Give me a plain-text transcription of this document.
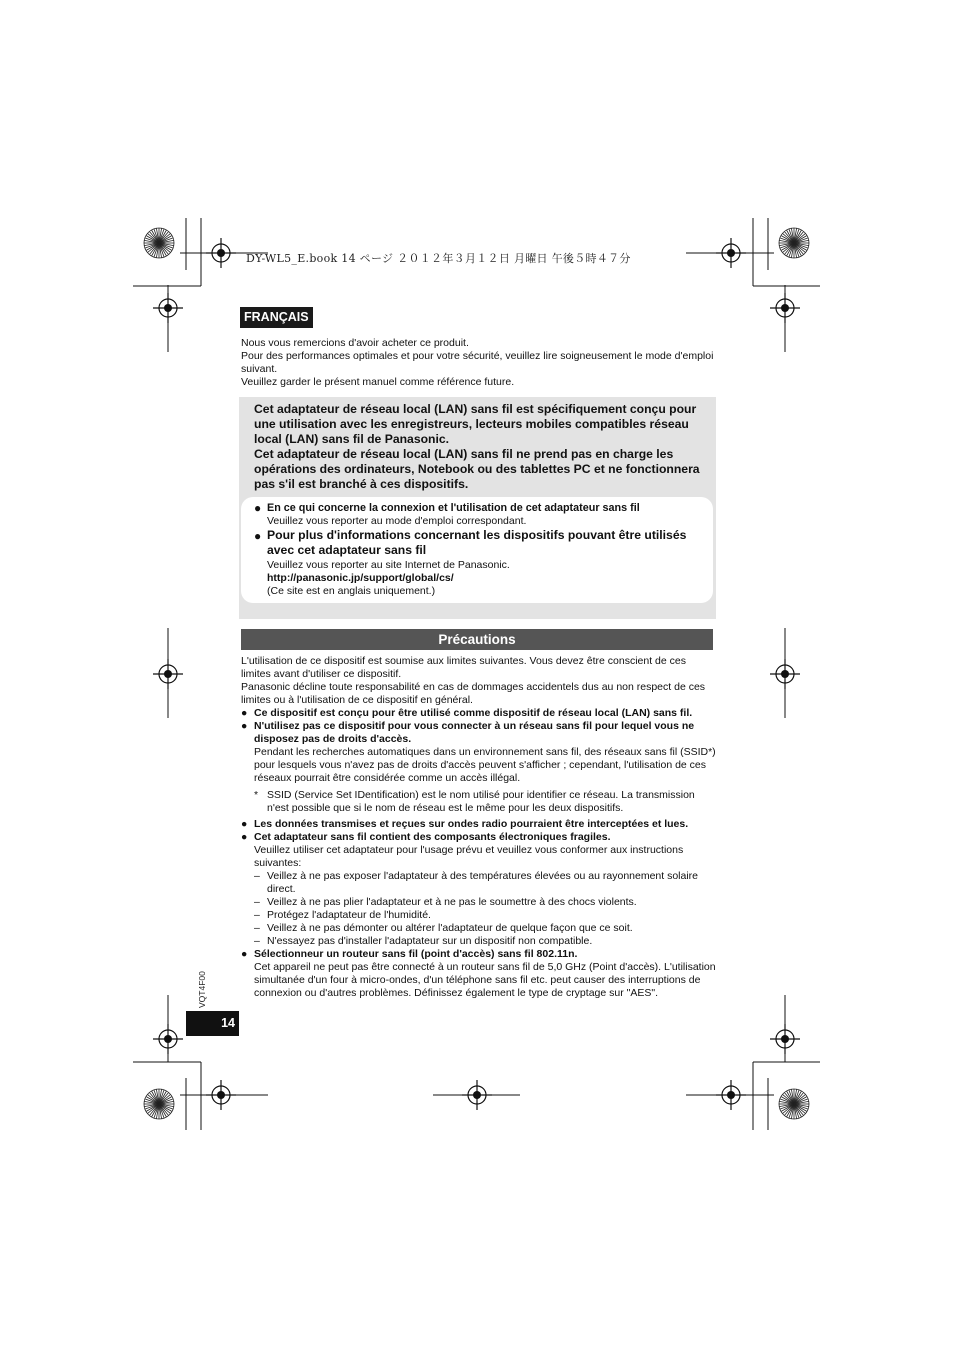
DY-WL5_E.book 14 ページ ２０１２年３月１２日 月曜日 午後５時４７分
FRANÇAIS

Nous vous remercions d'avoir acheter ce produit.

Pour des performances optimales et pour votre sécurité, veuillez lire soigneusement le mode d'emploi suivant.

Veuillez garder le présent manuel comme référence future.

Cet adaptateur de réseau local (LAN) sans fil est spécifiquement conçu pour une utilisation avec les enregistreurs, lecteurs mobiles compatibles réseau local (LAN) sans fil de Panasonic.

Cet adaptateur de réseau local (LAN) sans fil ne prend pas en charge les opérations des ordinateurs, Notebook ou des tablettes PC et ne fonctionnera pas s'il est branché à ces dispositifs.

● En ce qui concerne la connexion et l'utilisation de cet adaptateur sans fil
Veuillez vous reporter au mode d'emploi correspondant.
● Pour plus d'informations concernant les dispositifs pouvant être utilisés avec cet adaptateur sans fil

Veuillez vous reporter au site Internet de Panasonic.

http://panasonic.jp/support/global/cs/

(Ce site est en anglais uniquement.)

Précautions

L'utilisation de ce dispositif est soumise aux limites suivantes. Vous devez être conscient de ces limites avant d'utiliser ce dispositif.

Panasonic décline toute responsabilité en cas de dommages accidentels dus au non respect de ces limites ou à l'utilisation de ce dispositif en général.

● Ce dispositif est conçu pour être utilisé comme dispositif de réseau local (LAN) sans fil.

● N'utilisez pas ce dispositif pour vous connecter à un réseau sans fil pour lequel vous ne disposez pas de droits d'accès.

Pendant les recherches automatiques dans un environnement sans fil, des réseaux sans fil (SSID*) pour lesquels vous n'avez pas de droits d'accès peuvent s'afficher ; cependant, l'utilisation de ces réseaux pourrait être considérée comme un accès illégal.

* SSID (Service Set IDentification) est le nom utilisé pour identifier ce réseau. La transmission n'est possible que si le nom de réseau est le même pour les deux dispositifs.

● Les données transmises et reçues sur ondes radio pourraient être interceptées et lues.

● Cet adaptateur sans fil contient des composants électroniques fragiles.

Veuillez utiliser cet adaptateur pour l'usage prévu et veuillez vous conformer aux instructions suivantes:

– Veillez à ne pas exposer l'adaptateur à des températures élevées ou au rayonnement solaire direct.

– Veillez à ne pas plier l'adaptateur et à ne pas le soumettre à des chocs violents.

– Protégez l'adaptateur de l'humidité.

– Veillez à ne pas démonter ou altérer l'adaptateur de quelque façon que ce soit.

– N'essayez pas d'installer l'adaptateur sur un dispositif non compatible.

● Sélectionneur un routeur sans fil (point d'accès) sans fil 802.11n.

Cet appareil ne peut pas être connecté à un routeur sans fil de 5,0 GHz (Point d'accès). L'utilisation simultanée d'un four à micro-ondes, d'un téléphone sans fil etc. peut causer des interruptions de connexion ou d'autres problèmes. Définissez également le type de cryptage sur "AES".

VQT4F00
14
